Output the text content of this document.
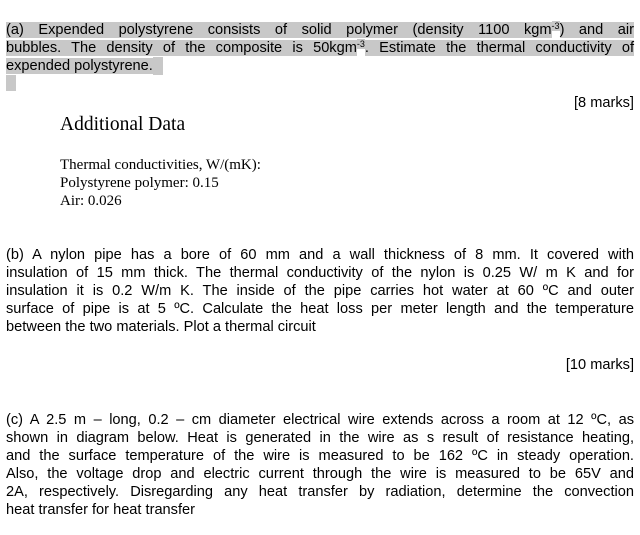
(a) Expended polystyrene consists of solid polymer (density 1100 kgm$^{-3}$) and air
bubbles. The density of the composite is 50kgm$^{-3}$. Estimate the thermal conductivity of
expended polystyrene.
[8 marks]
Additional Data
Thermal conductivities, W/(mK):
Polystyrene polymer: 0.15
Air: 0.026
(b) A nylon pipe has a bore of 60 mm and a wall thickness of 8 mm. It covered with
insulation of 15 mm thick. The thermal conductivity of the nylon is 0.25 W/ m K and for
insulation it is 0.2 W/m K. The inside of the pipe carries hot water at 60 ºC and outer
surface of pipe is at 5 ºC. Calculate the heat loss per meter length and the temperature
between the two materials. Plot a thermal circuit
[10 marks]
(c) A 2.5 m – long, 0.2 – cm diameter electrical wire extends across a room at 12 ºC, as
shown in diagram below. Heat is generated in the wire as s result of resistance heating,
and the surface temperature of the wire is measured to be 162 ºC in steady operation.
Also, the voltage drop and electric current through the wire is measured to be 65V and
2A, respectively. Disregarding any heat transfer by radiation, determine the convection
heat transfer for heat transfer
